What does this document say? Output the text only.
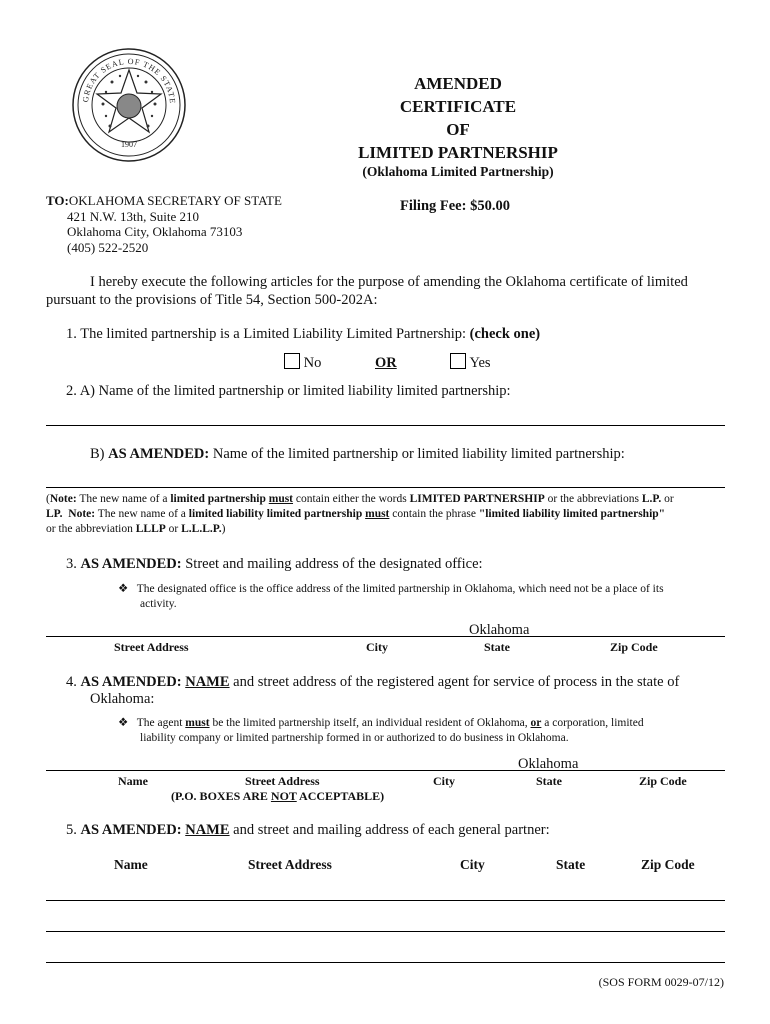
GREAT SEAL OF THE STATE
1907
AMENDED
CERTIFICATE
OF
LIMITED PARTNERSHIP
(Oklahoma Limited Partnership)
TO:OKLAHOMA SECRETARY OF STATE
421 N.W. 13th, Suite 210
Oklahoma City, Oklahoma 73103
(405) 522-2520
Filing Fee: $50.00
I hereby execute the following articles for the purpose of amending the Oklahoma certificate of limited
pursuant to the provisions of Title 54, Section 500-202A:
1. The limited partnership is a Limited Liability Limited Partnership: (check one)
No	OR	Yes
2. A) Name of the limited partnership or limited liability limited partnership:
B) AS AMENDED: Name of the limited partnership or limited liability limited partnership:
(Note: The new name of a limited partnership must contain either the words LIMITED PARTNERSHIP or the abbreviations L.P. or
LP. Note: The new name of a limited liability limited partnership must contain the phrase "limited liability limited partnership"
or the abbreviation LLLP or L.L.L.P.)
3. AS AMENDED: Street and mailing address of the designated office:
❖ The designated office is the office address of the limited partnership in Oklahoma, which need not be a place of its
activity.
Oklahoma
Street Address	City	State	Zip Code
4. AS AMENDED: NAME and street address of the registered agent for service of process in the state of
Oklahoma:
❖ The agent must be the limited partnership itself, an individual resident of Oklahoma, or a corporation, limited
liability company or limited partnership formed in or authorized to do business in Oklahoma.
Oklahoma
Name	Street Address	City	State	Zip Code
(P.O. BOXES ARE NOT ACCEPTABLE)
5. AS AMENDED: NAME and street and mailing address of each general partner:
Name	Street Address	City	State	Zip Code
(SOS FORM 0029-07/12)
